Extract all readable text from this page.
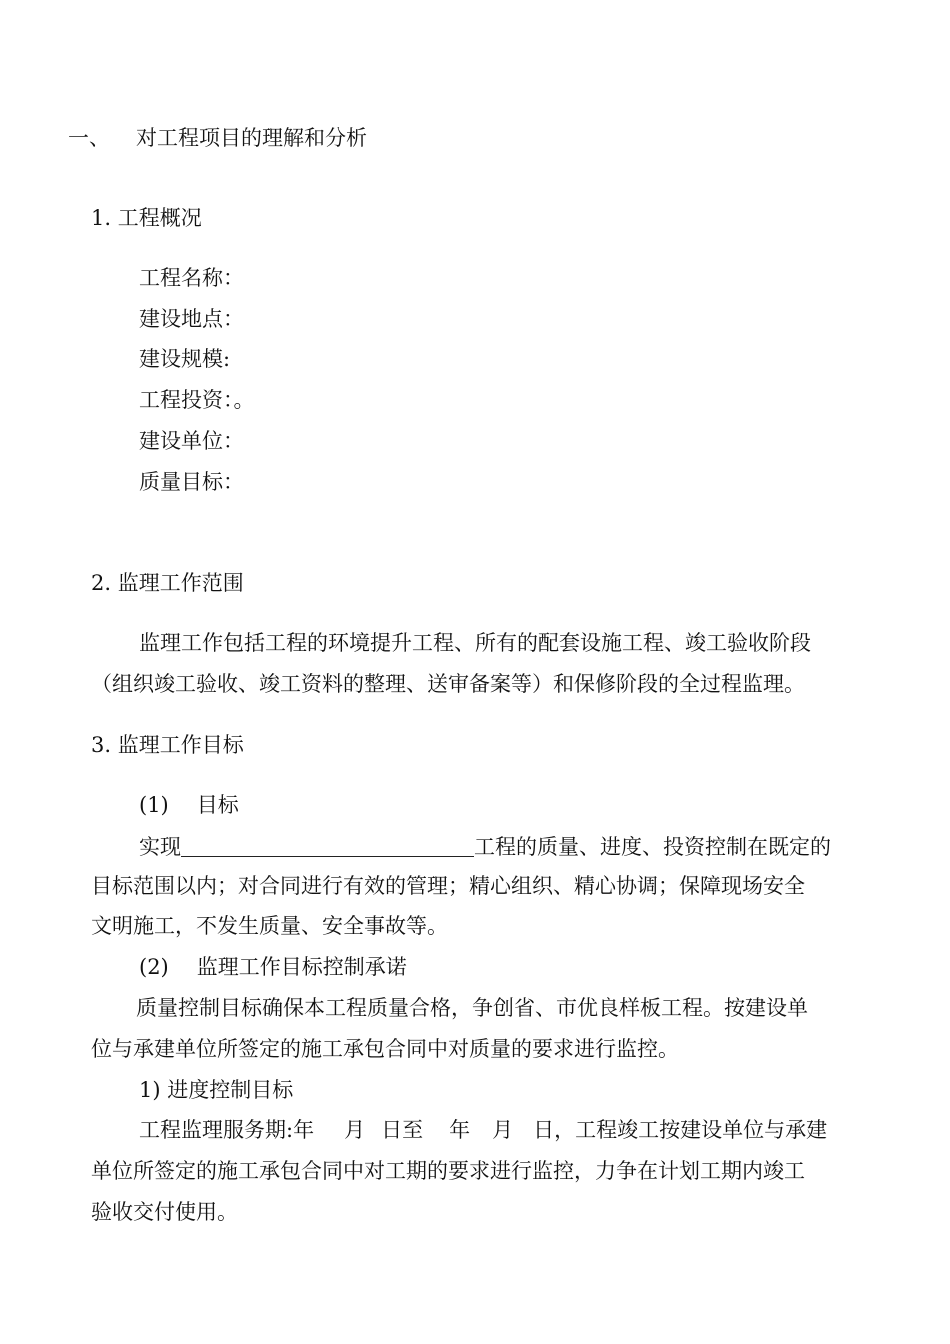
一、 对工程项目的理解和分析
1. 工程概况
工程名称：
建设地点：
建设规模:
工程投资：。
建设单位：
质量目标：
2. 监理工作范围
监理工作包括工程的环境提升工程、所有的配套设施工程、竣工验收阶段
（组织竣工验收、竣工资料的整理、送审备案等）和保修阶段的全过程监理。
3. 监理工作目标
(1) 目标
实现	工程的质量、进度、投资控制在既定的
目标范围以内；对合同进行有效的管理；精心组织、精心协调；保障现场安全
文明施工，不发生质量、安全事故等。
(2) 监理工作目标控制承诺
质量控制目标确保本工程质量合格，争创省、市优良样板工程。按建设单
位与承建单位所签定的施工承包合同中对质量的要求进行监控。
1) 进度控制目标
工程监理服务期:年 月 日至 年 月 日，工程竣工按建设单位与承建
单位所签定的施工承包合同中对工期的要求进行监控，力争在计划工期内竣工
验收交付使用。
